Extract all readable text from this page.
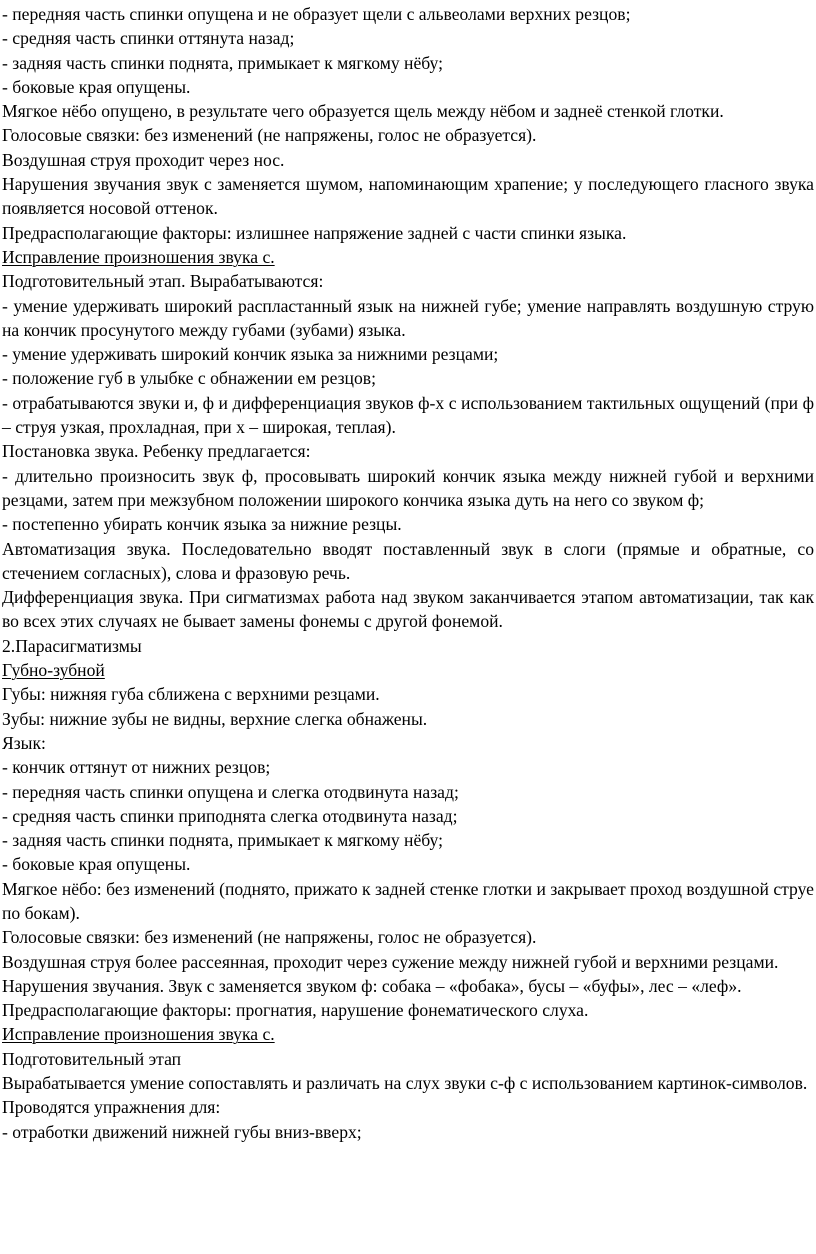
- передняя часть спинки опущена и не образует щели с альвеолами верхних резцов;

- средняя часть спинки оттянута назад;

- задняя часть спинки поднята, примыкает к мягкому нёбу;

- боковые края опущены.

Мягкое нёбо опущено, в результате чего образуется щель между нёбом и заднеё стенкой глотки.

Голосовые связки: без изменений (не напряжены, голос не образуется).

Воздушная струя проходит через нос.

Нарушения звучания звук с заменяется шумом, напоминающим храпение; у последующего гласного звука появляется носовой оттенок.

Предрасполагающие факторы: излишнее напряжение задней с части спинки языка.

Исправление произношения звука с.

Подготовительный этап. Вырабатываются:

- умение удерживать широкий распластанный язык на нижней губе; умение направлять воздушную струю на кончик просунутого между губами (зубами) языка.

- умение удерживать широкий кончик языка за нижними резцами;

- положение губ в улыбке с обнажении ем резцов;

- отрабатываются звуки и, ф и дифференциация звуков ф-х с использованием тактильных ощущений (при ф – струя узкая, прохладная, при х – широкая, теплая).

Постановка звука. Ребенку предлагается:

- длительно произносить звук ф, просовывать широкий кончик языка между нижней губой и верхними резцами, затем при межзубном положении широкого кончика языка дуть на него со звуком ф;

- постепенно убирать кончик языка за нижние резцы.

Автоматизация звука. Последовательно вводят поставленный звук в слоги (прямые и обратные, со стечением согласных), слова и фразовую речь.

Дифференциация звука. При сигматизмах работа над звуком заканчивается этапом автоматизации, так как во всех этих случаях не бывает замены фонемы с другой фонемой.

2.Парасигматизмы

Губно-зубной

Губы: нижняя губа сближена с верхними резцами.

Зубы: нижние зубы не видны, верхние слегка обнажены.

Язык:

- кончик оттянут от нижних резцов;

- передняя часть спинки опущена и слегка отодвинута назад;

- средняя часть спинки приподнята слегка отодвинута назад;

- задняя часть спинки поднята, примыкает к мягкому нёбу;

- боковые края опущены.

Мягкое нёбо: без изменений (поднято, прижато к задней стенке глотки и закрывает проход воздушной струе по бокам).

Голосовые связки: без изменений (не напряжены, голос не образуется).

Воздушная струя более рассеянная, проходит через сужение между нижней губой и верхними резцами.

Нарушения звучания. Звук с заменяется звуком ф: собака – «фобака», бусы – «буфы», лес – «леф».

Предрасполагающие факторы: прогнатия, нарушение фонематического слуха.

Исправление произношения звука с.

Подготовительный этап

Вырабатывается умение сопоставлять и различать на слух звуки с-ф с использованием картинок-символов.

Проводятся упражнения для:

- отработки движений нижней губы вниз-вверх;
